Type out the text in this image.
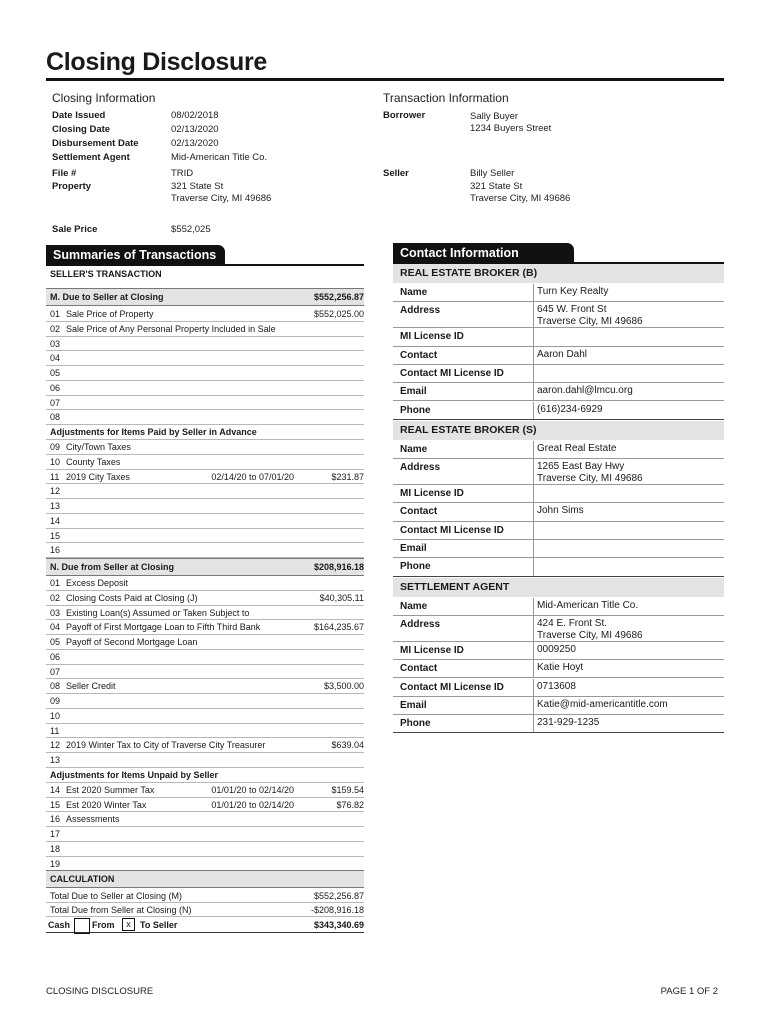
Closing Disclosure
Closing Information
Date Issued	08/02/2018
Closing Date	02/13/2020
Disbursement Date	02/13/2020
Settlement Agent	Mid-American Title Co.
File #	TRID
Property	321 State St
Traverse City, MI 49686
Sale Price	$552,025
Transaction Information
Borrower	Sally Buyer
1234 Buyers Street
Seller	Billy Seller
321 State St
Traverse City, MI 49686
Summaries of Transactions
SELLER'S TRANSACTION
M. Due to Seller at Closing	$552,256.87
01 Sale Price of Property	$552,025.00
02 Sale Price of Any Personal Property Included in Sale
03
04
05
06
07
08
Adjustments for Items Paid by Seller in Advance
09 City/Town Taxes
10 County Taxes
11 2019 City Taxes	02/14/20 to 07/01/20	$231.87
12
13
14
15
16
N. Due from Seller at Closing	$208,916.18
01 Excess Deposit
02 Closing Costs Paid at Closing (J)	$40,305.11
03 Existing Loan(s) Assumed or Taken Subject to
04 Payoff of First Mortgage Loan to Fifth Third Bank	$164,235.67
05 Payoff of Second Mortgage Loan
06
07
08 Seller Credit	$3,500.00
09
10
11
12 2019 Winter Tax to City of Traverse City Treasurer	$639.04
13
Adjustments for Items Unpaid by Seller
14 Est 2020 Summer Tax	01/01/20 to 02/14/20	$159.54
15 Est 2020 Winter Tax	01/01/20 to 02/14/20	$76.82
16 Assessments
17
18
19
CALCULATION
Total Due to Seller at Closing (M)	$552,256.87
Total Due from Seller at Closing (N)	-$208,916.18
Cash From	x	To Seller	$343,340.69
Contact Information
REAL ESTATE BROKER (B)
Name	Turn Key Realty
Address	645 W. Front St
Traverse City, MI 49686
MI License ID
Contact	Aaron Dahl
Contact MI License ID
Email	aaron.dahl@lmcu.org
Phone	(616)234-6929
REAL ESTATE BROKER (S)
Name	Great Real Estate
Address	1265 East Bay Hwy
Traverse City, MI 49686
MI License ID
Contact	John Sims
Contact MI License ID
Email
Phone
SETTLEMENT AGENT
Name	Mid-American Title Co.
Address	424 E. Front St.
Traverse City, MI 49686
MI License ID	0009250
Contact	Katie Hoyt
Contact MI License ID	0713608
Email	Katie@mid-americantitle.com
Phone	231-929-1235
CLOSING DISCLOSURE	PAGE 1 OF 2
